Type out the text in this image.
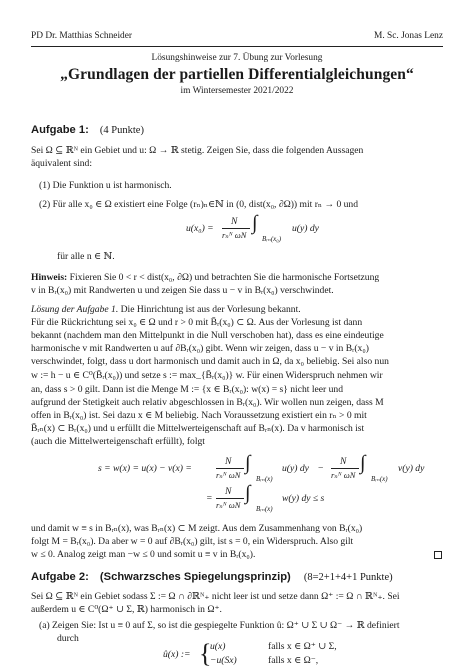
PD Dr. Matthias Schneider	M. Sc. Jonas Lenz
Lösungshinweise zur 7. Übung zur Vorlesung
„Grundlagen der partiellen Differentialgleichungen“
im Wintersemester 2021/2022
Aufgabe 1: (4 Punkte)
Sei Ω ⊆ ℝᴺ ein Gebiet und u: Ω → ℝ stetig. Zeigen Sie, dass die folgenden Aussagen
äquivalent sind:
(1) Die Funktion u ist harmonisch.
(2) Für alle x₀ ∈ Ω existiert eine Folge (rₙ)ₙ∈ℕ in (0, dist(x₀, ∂Ω)) mit rₙ → 0 und
u(x₀) =
N
rₙᴺ ωN
∫
Bᵣₙ(x₀)
u(y) dy
für alle n ∈ ℕ.
Hinweis: Fixieren Sie 0 < r < dist(x₀, ∂Ω) und betrachten Sie die harmonische Fortsetzung
v in Bᵣ(x₀) mit Randwerten u und zeigen Sie dass u − v in Bᵣ(x₀) verschwindet.
Lösung der Aufgabe 1. Die Hinrichtung ist aus der Vorlesung bekannt.
Für die Rückrichtung sei x₀ ∈ Ω und r > 0 mit B̄ᵣ(x₀) ⊂ Ω. Aus der Vorlesung ist dann
bekannt (nachdem man den Mittelpunkt in die Null verschoben hat), dass es eine eindeutige
harmonische v mit Randwerten u auf ∂Bᵣ(x₀) gibt. Wenn wir zeigen, dass u − v in Bᵣ(x₀)
verschwindet, folgt, dass u dort harmonisch und damit auch in Ω, da x₀ beliebig. Sei also nun
w := h − u ∈ C⁰(B̄ᵣ(x₀)) und setze s := max_{B̄ᵣ(x₀)} w. Für einen Widerspruch nehmen wir
an, dass s > 0 gilt. Dann ist die Menge M := {x ∈ Bᵣ(x₀): w(x) = s} nicht leer und
aufgrund der Stetigkeit auch relativ abgeschlossen in Bᵣ(x₀). Wir wollen nun zeigen, dass M
offen in Bᵣ(x₀) ist. Sei dazu x ∈ M beliebig. Nach Voraussetzung existiert ein rₙ > 0 mit
B̄ᵣₙ(x) ⊂ Bᵣ(x₀) und u erfüllt die Mittelwerteigenschaft auf Bᵣₙ(x). Da v harmonisch ist
(auch die Mittelwerteigenschaft erfüllt), folgt
s = w(x) = u(x) − v(x) =
N
rₙᴺ ωN
∫
Bᵣₙ(x)
u(y) dy −
N
rₙᴺ ωN
∫
Bᵣₙ(x)
v(y) dy
=
N
rₙᴺ ωN
∫
Bᵣₙ(x)
w(y) dy ≤ s
und damit w ≡ s in Bᵣₙ(x), was Bᵣₙ(x) ⊂ M zeigt. Aus dem Zusammenhang von Bᵣ(x₀)
folgt M = Bᵣ(x₀). Da aber w = 0 auf ∂Bᵣ(x₀) gilt, ist s = 0, ein Widerspruch. Also gilt
w ≤ 0. Analog zeigt man −w ≤ 0 und somit u ≡ v in Bᵣ(x₀).
Aufgabe 2: (Schwarzsches Spiegelungsprinzip) (8=2+1+4+1 Punkte)
Sei Ω ⊆ ℝᴺ ein Gebiet sodass Σ := Ω ∩ ∂ℝᴺ₊ nicht leer ist und setze dann Ω⁺ := Ω ∩ ℝᴺ₊. Sei
außerdem u ∈ C⁰(Ω⁺ ∪ Σ, ℝ) harmonisch in Ω⁺.
(a) Zeigen Sie: Ist u ≡ 0 auf Σ, so ist die gespiegelte Funktion û: Ω⁺ ∪ Σ ∪ Ω⁻ → ℝ definiert
durch
û(x) := {
u(x)	falls x ∈ Ω⁺ ∪ Σ,
−u(Sx)	falls x ∈ Ω⁻,
